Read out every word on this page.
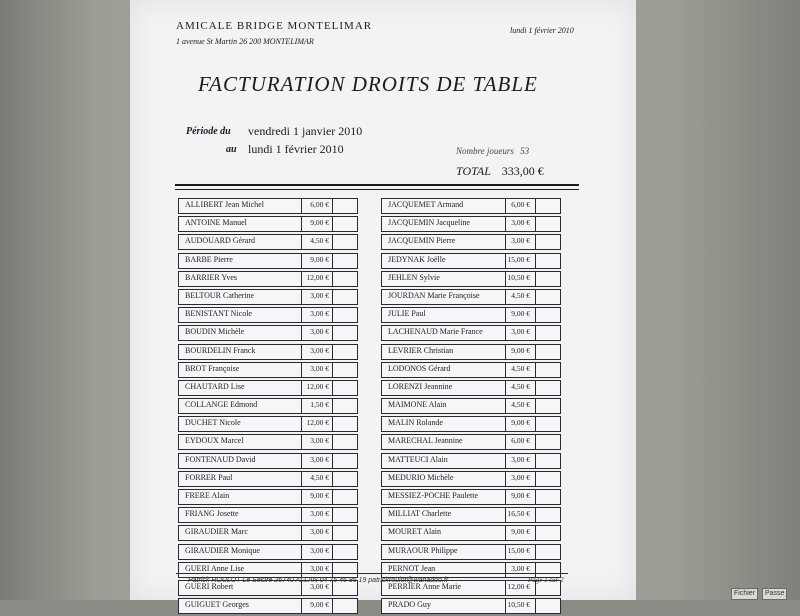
AMICALE BRIDGE MONTELIMAR
1 avenue St Martin 26 200 MONTELIMAR
lundi 1 février 2010
FACTURATION DROITS DE TABLE
Période du vendredi 1 janvier 2010
au lundi 1 février 2010	Nombre joueurs 53
TOTAL 333,00 €
ALLIBERT Jean Michel	6,00 €
ANTOINE Manuel	9,00 €
AUDOUARD Gérard	4,50 €
BARBE Pierre	9,00 €
BARRIER Yves	12,00 €
BELTOUR Catherine	3,00 €
BENISTANT Nicole	3,00 €
BOUDIN Michèle	3,00 €
BOURDELIN Franck	3,00 €
BROT Françoise	3,00 €
CHAUTARD Lise	12,00 €
COLLANGE Edmond	1,50 €
DUCHET Nicole	12,00 €
EYDOUX Marcel	3,00 €
FONTENAUD David	3,00 €
FORRER Paul	4,50 €
FRERE Alain	9,00 €
FRIANG Josette	3,00 €
GIRAUDIER Marc	3,00 €
GIRAUDIER Monique	3,00 €
GUERI Anne Lise	3,00 €
GUERI Robert	3,00 €
GUIGUET Georges	9,00 €
JACQUEMET Armand	6,00 €
JACQUEMIN Jacqueline	3,00 €
JACQUEMIN Pierre	3,00 €
JEDYNAK Joëlle	15,00 €
JEHLEN Sylvie	10,50 €
JOURDAN Marie Françoise	4,50 €
JULIE Paul	9,00 €
LACHENAUD Marie France	3,00 €
LEVRIER Christian	9,00 €
LODONOS Gérard	4,50 €
LORENZI Jeannine	4,50 €
MAIMONE Alain	4,50 €
MALIN Rolande	9,00 €
MARECHAL Jeannine	6,00 €
MATTEUCI Alain	3,00 €
MEDURIO Michèle	3,00 €
MESSIEZ-POCHE Paulette	9,00 €
MILLIAT Charlette	16,50 €
MOURET Alain	9,00 €
MURAOUR Philippe	15,00 €
PERNOT Jean	3,00 €
PERRIER Anne Marie	12,00 €
PRADO Guy	10,50 €
Patrick ROULOT Le Sestre 26740 ALLAN 04 75 46 86 19 patrickroulot@wanadoo.fr	Page 1 sur 2
Fichier	Passe
